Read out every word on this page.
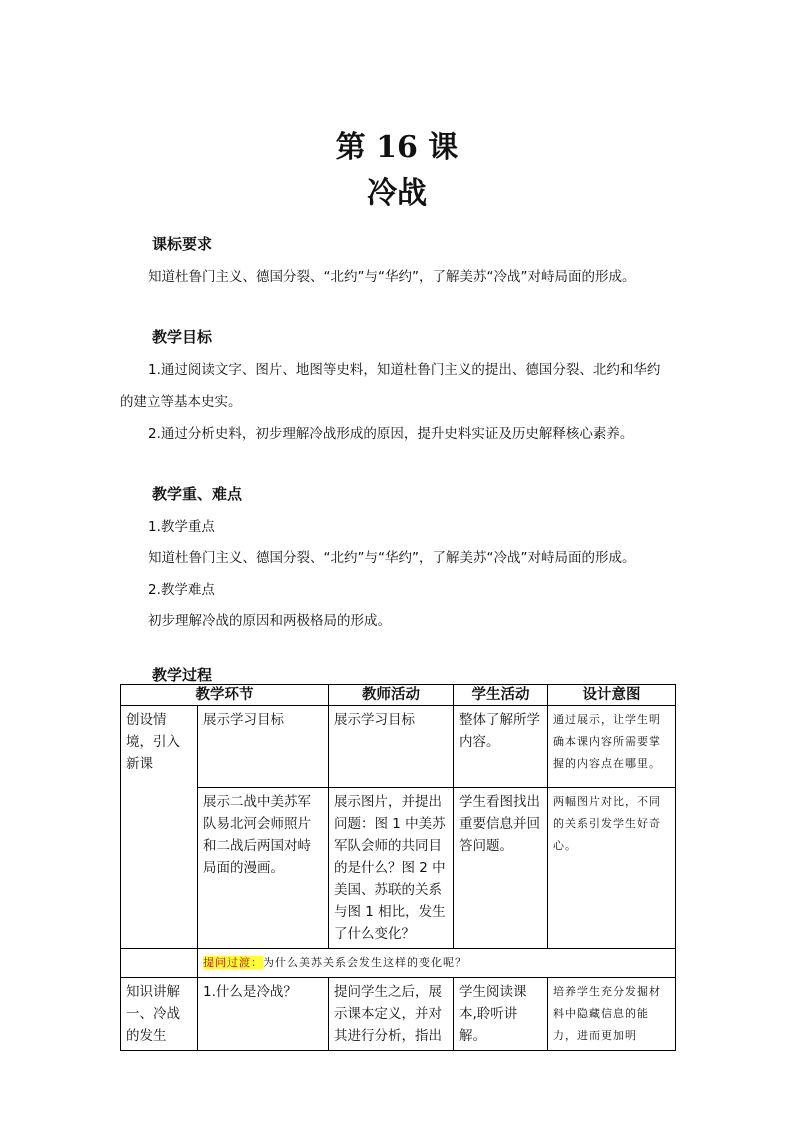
第 16 课
冷战
课标要求
知道杜鲁门主义、德国分裂、“北约”与“华约”，了解美苏“冷战”对峙局面的形成。
教学目标
1.通过阅读文字、图片、地图等史料，知道杜鲁门主义的提出、德国分裂、北约和华约
的建立等基本史实。
2.通过分析史料，初步理解冷战形成的原因，提升史料实证及历史解释核心素养。
教学重、难点
1.教学重点
知道杜鲁门主义、德国分裂、“北约”与“华约”，了解美苏“冷战”对峙局面的形成。
2.教学难点
初步理解冷战的原因和两极格局的形成。
教学过程
教学环节		教师活动	学生活动	设计意图
创设情境，引入新课	展示学习目标	展示学习目标	整体了解所学内容。	通过展示，让学生明确本课内容所需要掌握的内容点在哪里。
	展示二战中美苏军队易北河会师照片和二战后两国对峙局面的漫画。	展示图片，并提出问题：图 1 中美苏军队会师的共同目的是什么？图 2 中美国、苏联的关系与图 1 相比，发生了什么变化？	学生看图找出重要信息并回答问题。	两幅图片对比，不同的关系引发学生好奇心。
	提问过渡：为什么美苏关系会发生这样的变化呢？			
知识讲解一、冷战的发生	1.什么是冷战？	提问学生之后，展示课本定义，并对其进行分析，指出	学生阅读课本,聆听讲解。	培养学生充分发掘材料中隐藏信息的能力，进而更加明
